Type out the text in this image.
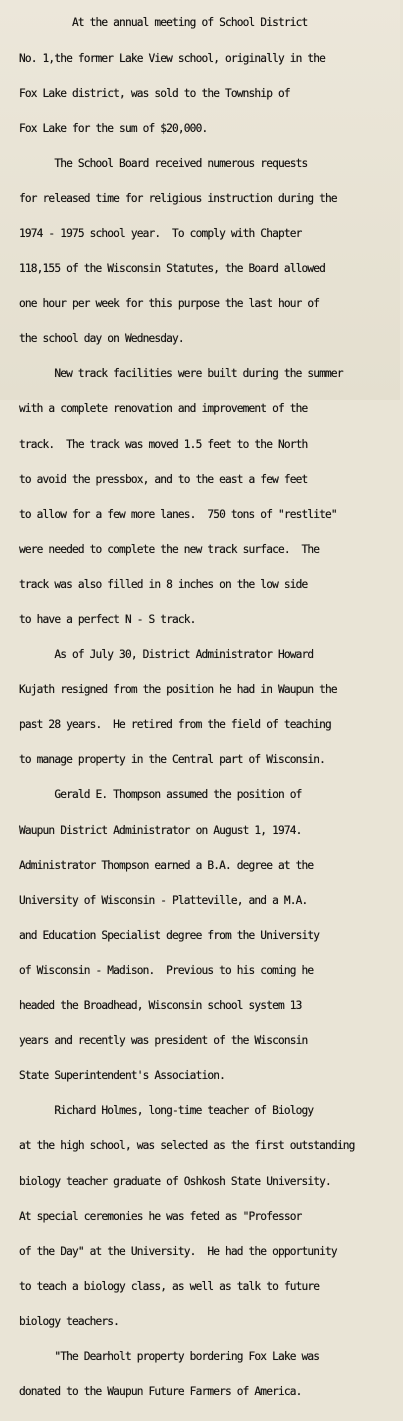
At the annual meeting of School District

No. 1,the former Lake View school, originally in the

Fox Lake district, was sold to the Township of

Fox Lake for the sum of $20,000.

The School Board received numerous requests

for released time for religious instruction during the

1974 - 1975 school year.  To comply with Chapter

118,155 of the Wisconsin Statutes, the Board allowed

one hour per week for this purpose the last hour of

the school day on Wednesday.

New track facilities were built during the summer

with a complete renovation and improvement of the

track.  The track was moved 1.5 feet to the North

to avoid the pressbox, and to the east a few feet

to allow for a few more lanes.  750 tons of "restlite"

were needed to complete the new track surface.  The

track was also filled in 8 inches on the low side

to have a perfect N - S track.

As of July 30, District Administrator Howard

Kujath resigned from the position he had in Waupun the

past 28 years.  He retired from the field of teaching

to manage property in the Central part of Wisconsin.

Gerald E. Thompson assumed the position of

Waupun District Administrator on August 1, 1974.

Administrator Thompson earned a B.A. degree at the

University of Wisconsin - Platteville, and a M.A.

and Education Specialist degree from the University

of Wisconsin - Madison.  Previous to his coming he

headed the Broadhead, Wisconsin school system 13

years and recently was president of the Wisconsin

State Superintendent's Association.

Richard Holmes, long-time teacher of Biology

at the high school, was selected as the first outstanding

biology teacher graduate of Oshkosh State University.

At special ceremonies he was feted as "Professor

of the Day" at the University.  He had the opportunity

to teach a biology class, as well as talk to future

biology teachers.

"The Dearholt property bordering Fox Lake was

donated to the Waupun Future Farmers of America.
